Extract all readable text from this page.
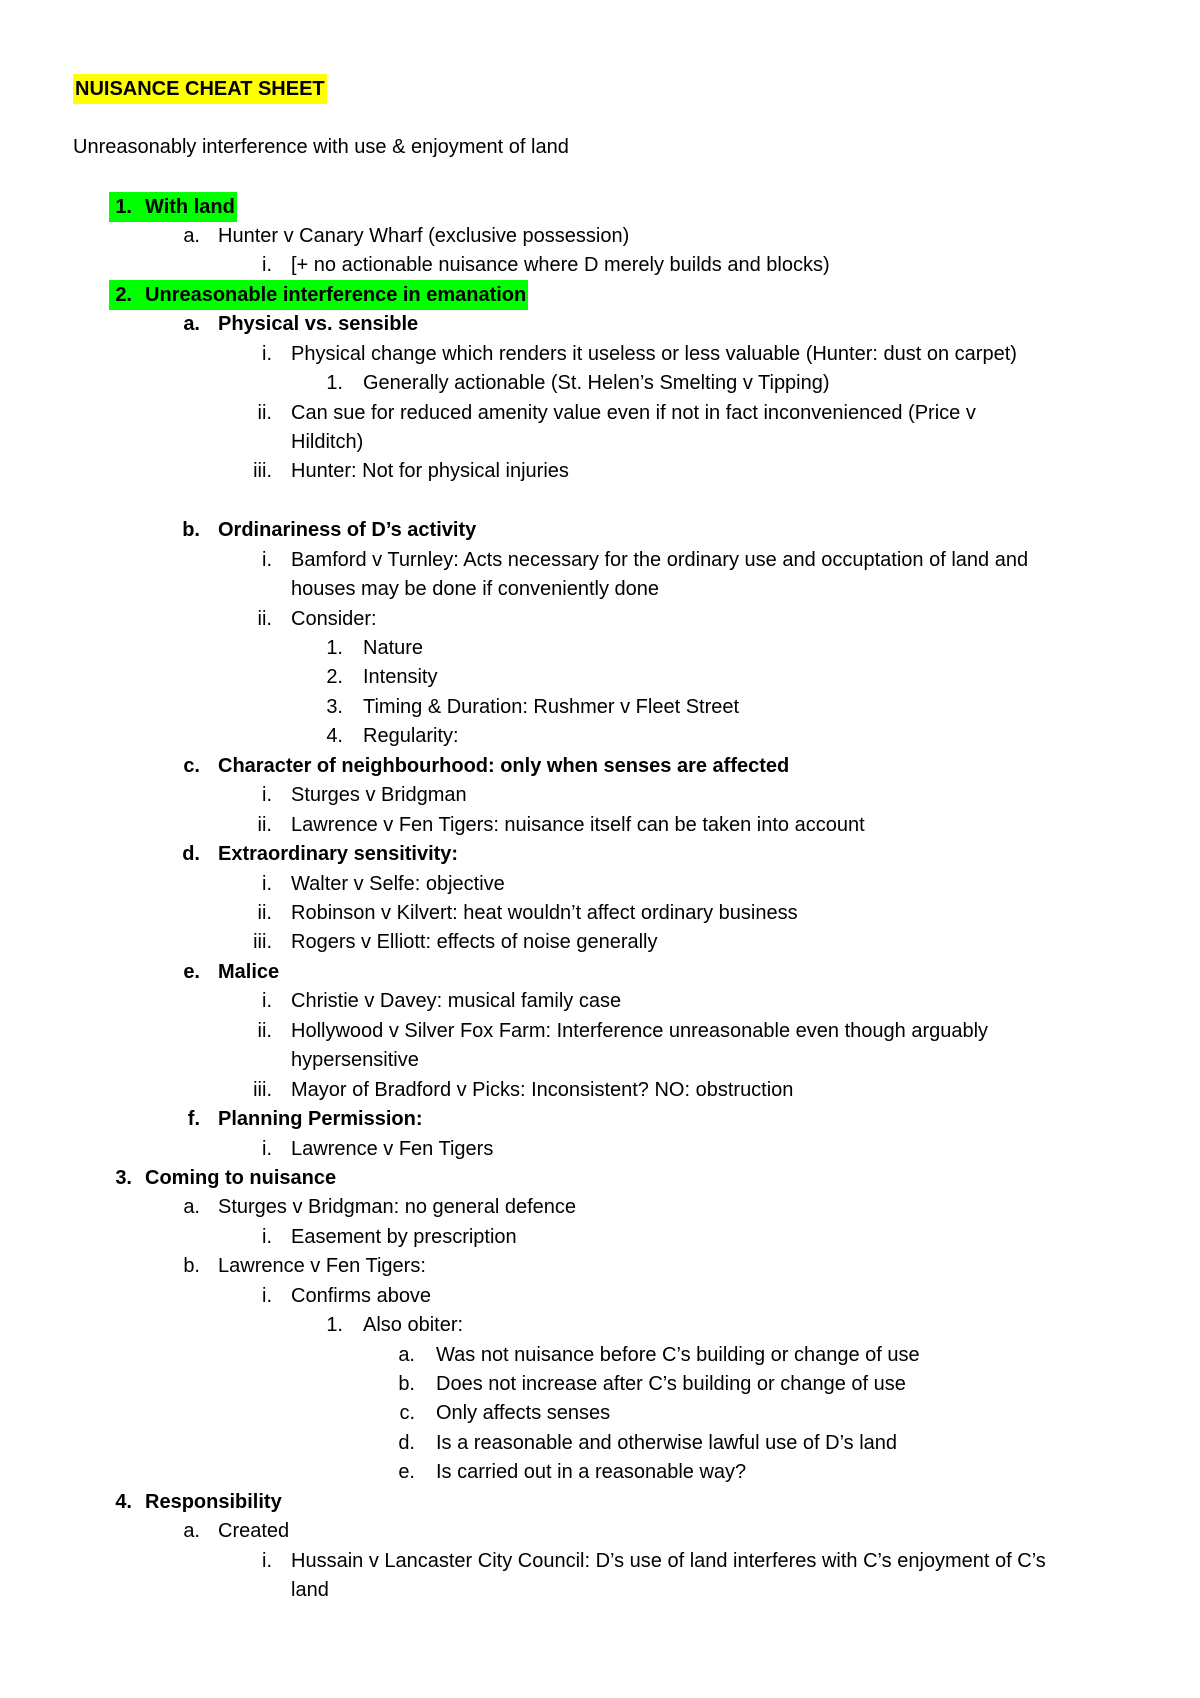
NUISANCE CHEAT SHEET
Unreasonably interference with use & enjoyment of land
1. With land
a. Hunter v Canary Wharf (exclusive possession)
i. [+ no actionable nuisance where D merely builds and blocks)
2. Unreasonable interference in emanation
a. Physical vs. sensible
i. Physical change which renders it useless or less valuable (Hunter: dust on carpet)
1. Generally actionable (St. Helen’s Smelting v Tipping)
ii. Can sue for reduced amenity value even if not in fact inconvenienced (Price v
Hilditch)
iii. Hunter: Not for physical injuries
b. Ordinariness of D’s activity
i. Bamford v Turnley: Acts necessary for the ordinary use and occuptation of land and
houses may be done if conveniently done
ii. Consider:
1. Nature
2. Intensity
3. Timing & Duration: Rushmer v Fleet Street
4. Regularity:
c. Character of neighbourhood: only when senses are affected
i. Sturges v Bridgman
ii. Lawrence v Fen Tigers: nuisance itself can be taken into account
d. Extraordinary sensitivity:
i. Walter v Selfe: objective
ii. Robinson v Kilvert: heat wouldn’t affect ordinary business
iii. Rogers v Elliott: effects of noise generally
e. Malice
i. Christie v Davey: musical family case
ii. Hollywood v Silver Fox Farm: Interference unreasonable even though arguably
hypersensitive
iii. Mayor of Bradford v Picks: Inconsistent? NO: obstruction
f. Planning Permission:
i. Lawrence v Fen Tigers
3. Coming to nuisance
a. Sturges v Bridgman: no general defence
i. Easement by prescription
b. Lawrence v Fen Tigers:
i. Confirms above
1. Also obiter:
a. Was not nuisance before C’s building or change of use
b. Does not increase after C’s building or change of use
c. Only affects senses
d. Is a reasonable and otherwise lawful use of D’s land
e. Is carried out in a reasonable way?
4. Responsibility
a. Created
i. Hussain v Lancaster City Council: D’s use of land interferes with C’s enjoyment of C’s
land
